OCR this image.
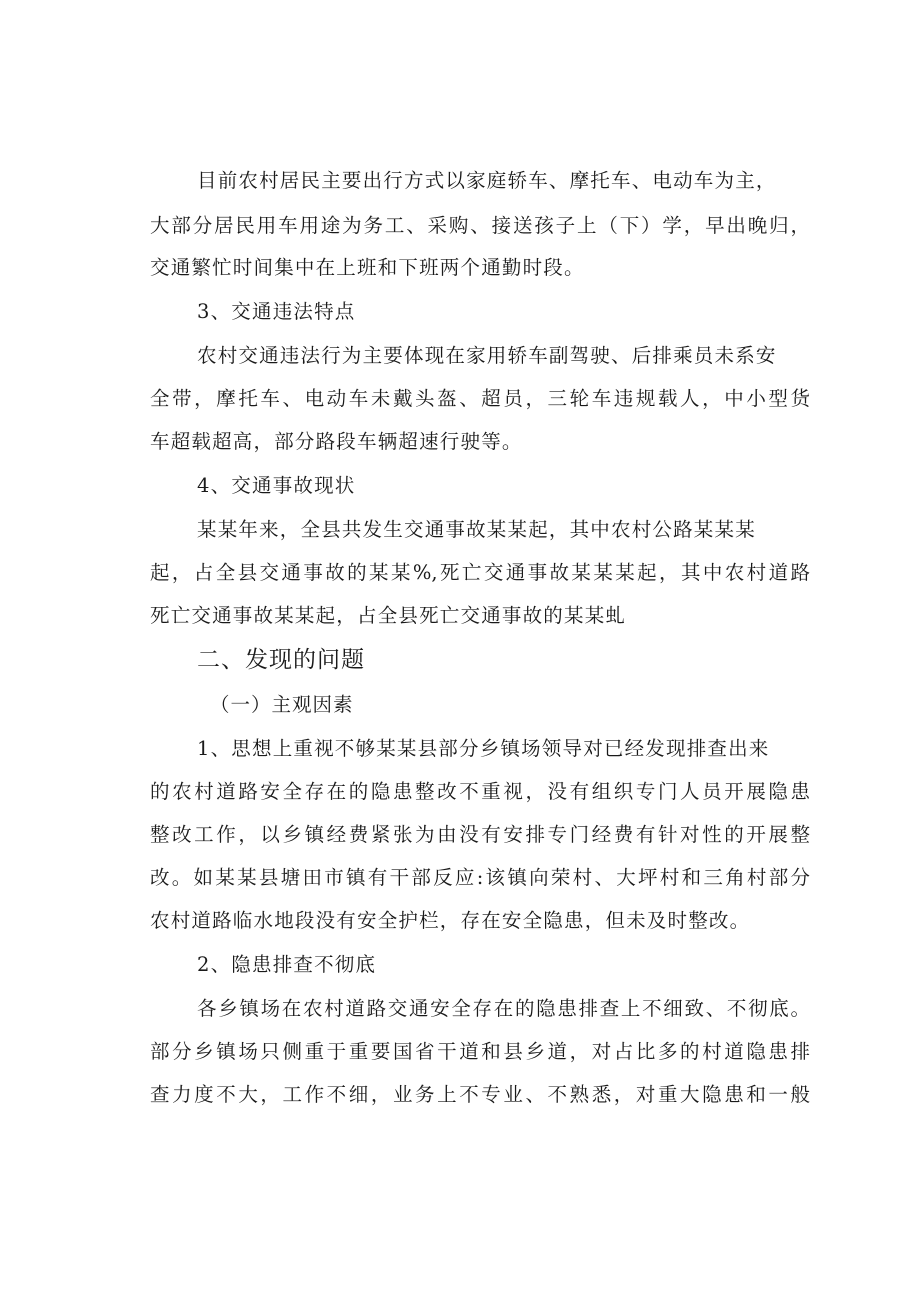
目前农村居民主要出行方式以家庭轿车、摩托车、电动车为主，
大部分居民用车用途为务工、采购、接送孩子上（下）学，早出晚归，
交通繁忙时间集中在上班和下班两个通勤时段。
3、交通违法特点
农村交通违法行为主要体现在家用轿车副驾驶、后排乘员未系安
全带，摩托车、电动车未戴头盔、超员，三轮车违规载人，中小型货
车超载超高，部分路段车辆超速行驶等。
4、交通事故现状
某某年来，全县共发生交通事故某某起，其中农村公路某某某
起，占全县交通事故的某某%,死亡交通事故某某某起，其中农村道路
死亡交通事故某某起，占全县死亡交通事故的某某虬
二、发现的问题
（一）主观因素
1、思想上重视不够某某县部分乡镇场领导对已经发现排查出来
的农村道路安全存在的隐患整改不重视，没有组织专门人员开展隐患
整改工作，以乡镇经费紧张为由没有安排专门经费有针对性的开展整
改。如某某县塘田市镇有干部反应:该镇向荣村、大坪村和三角村部分
农村道路临水地段没有安全护栏，存在安全隐患，但未及时整改。
2、隐患排查不彻底
各乡镇场在农村道路交通安全存在的隐患排查上不细致、不彻底。
部分乡镇场只侧重于重要国省干道和县乡道，对占比多的村道隐患排
查力度不大，工作不细，业务上不专业、不熟悉，对重大隐患和一般
